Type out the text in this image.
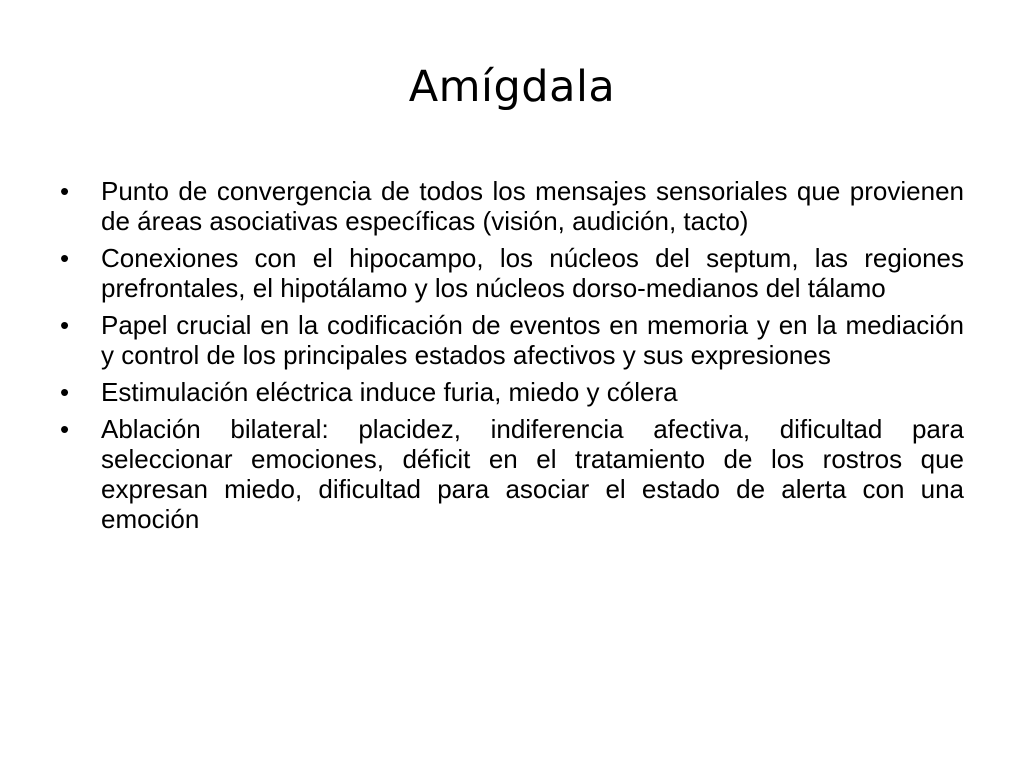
Amígdala
•	Punto de convergencia de todos los mensajes sensoriales que provienen de áreas asociativas específicas (visión, audición, tacto)
•	Conexiones con el hipocampo, los núcleos del septum, las regiones prefrontales, el hipotálamo y los núcleos dorso-medianos del tálamo
•	Papel crucial en la codificación de eventos en memoria y en la mediación y control de los principales estados afectivos y sus expresiones
•	Estimulación eléctrica induce furia, miedo y cólera
•	Ablación bilateral: placidez, indiferencia afectiva, dificultad para seleccionar emociones, déficit en el tratamiento de los rostros que expresan miedo, dificultad para asociar el estado de alerta con una emoción
